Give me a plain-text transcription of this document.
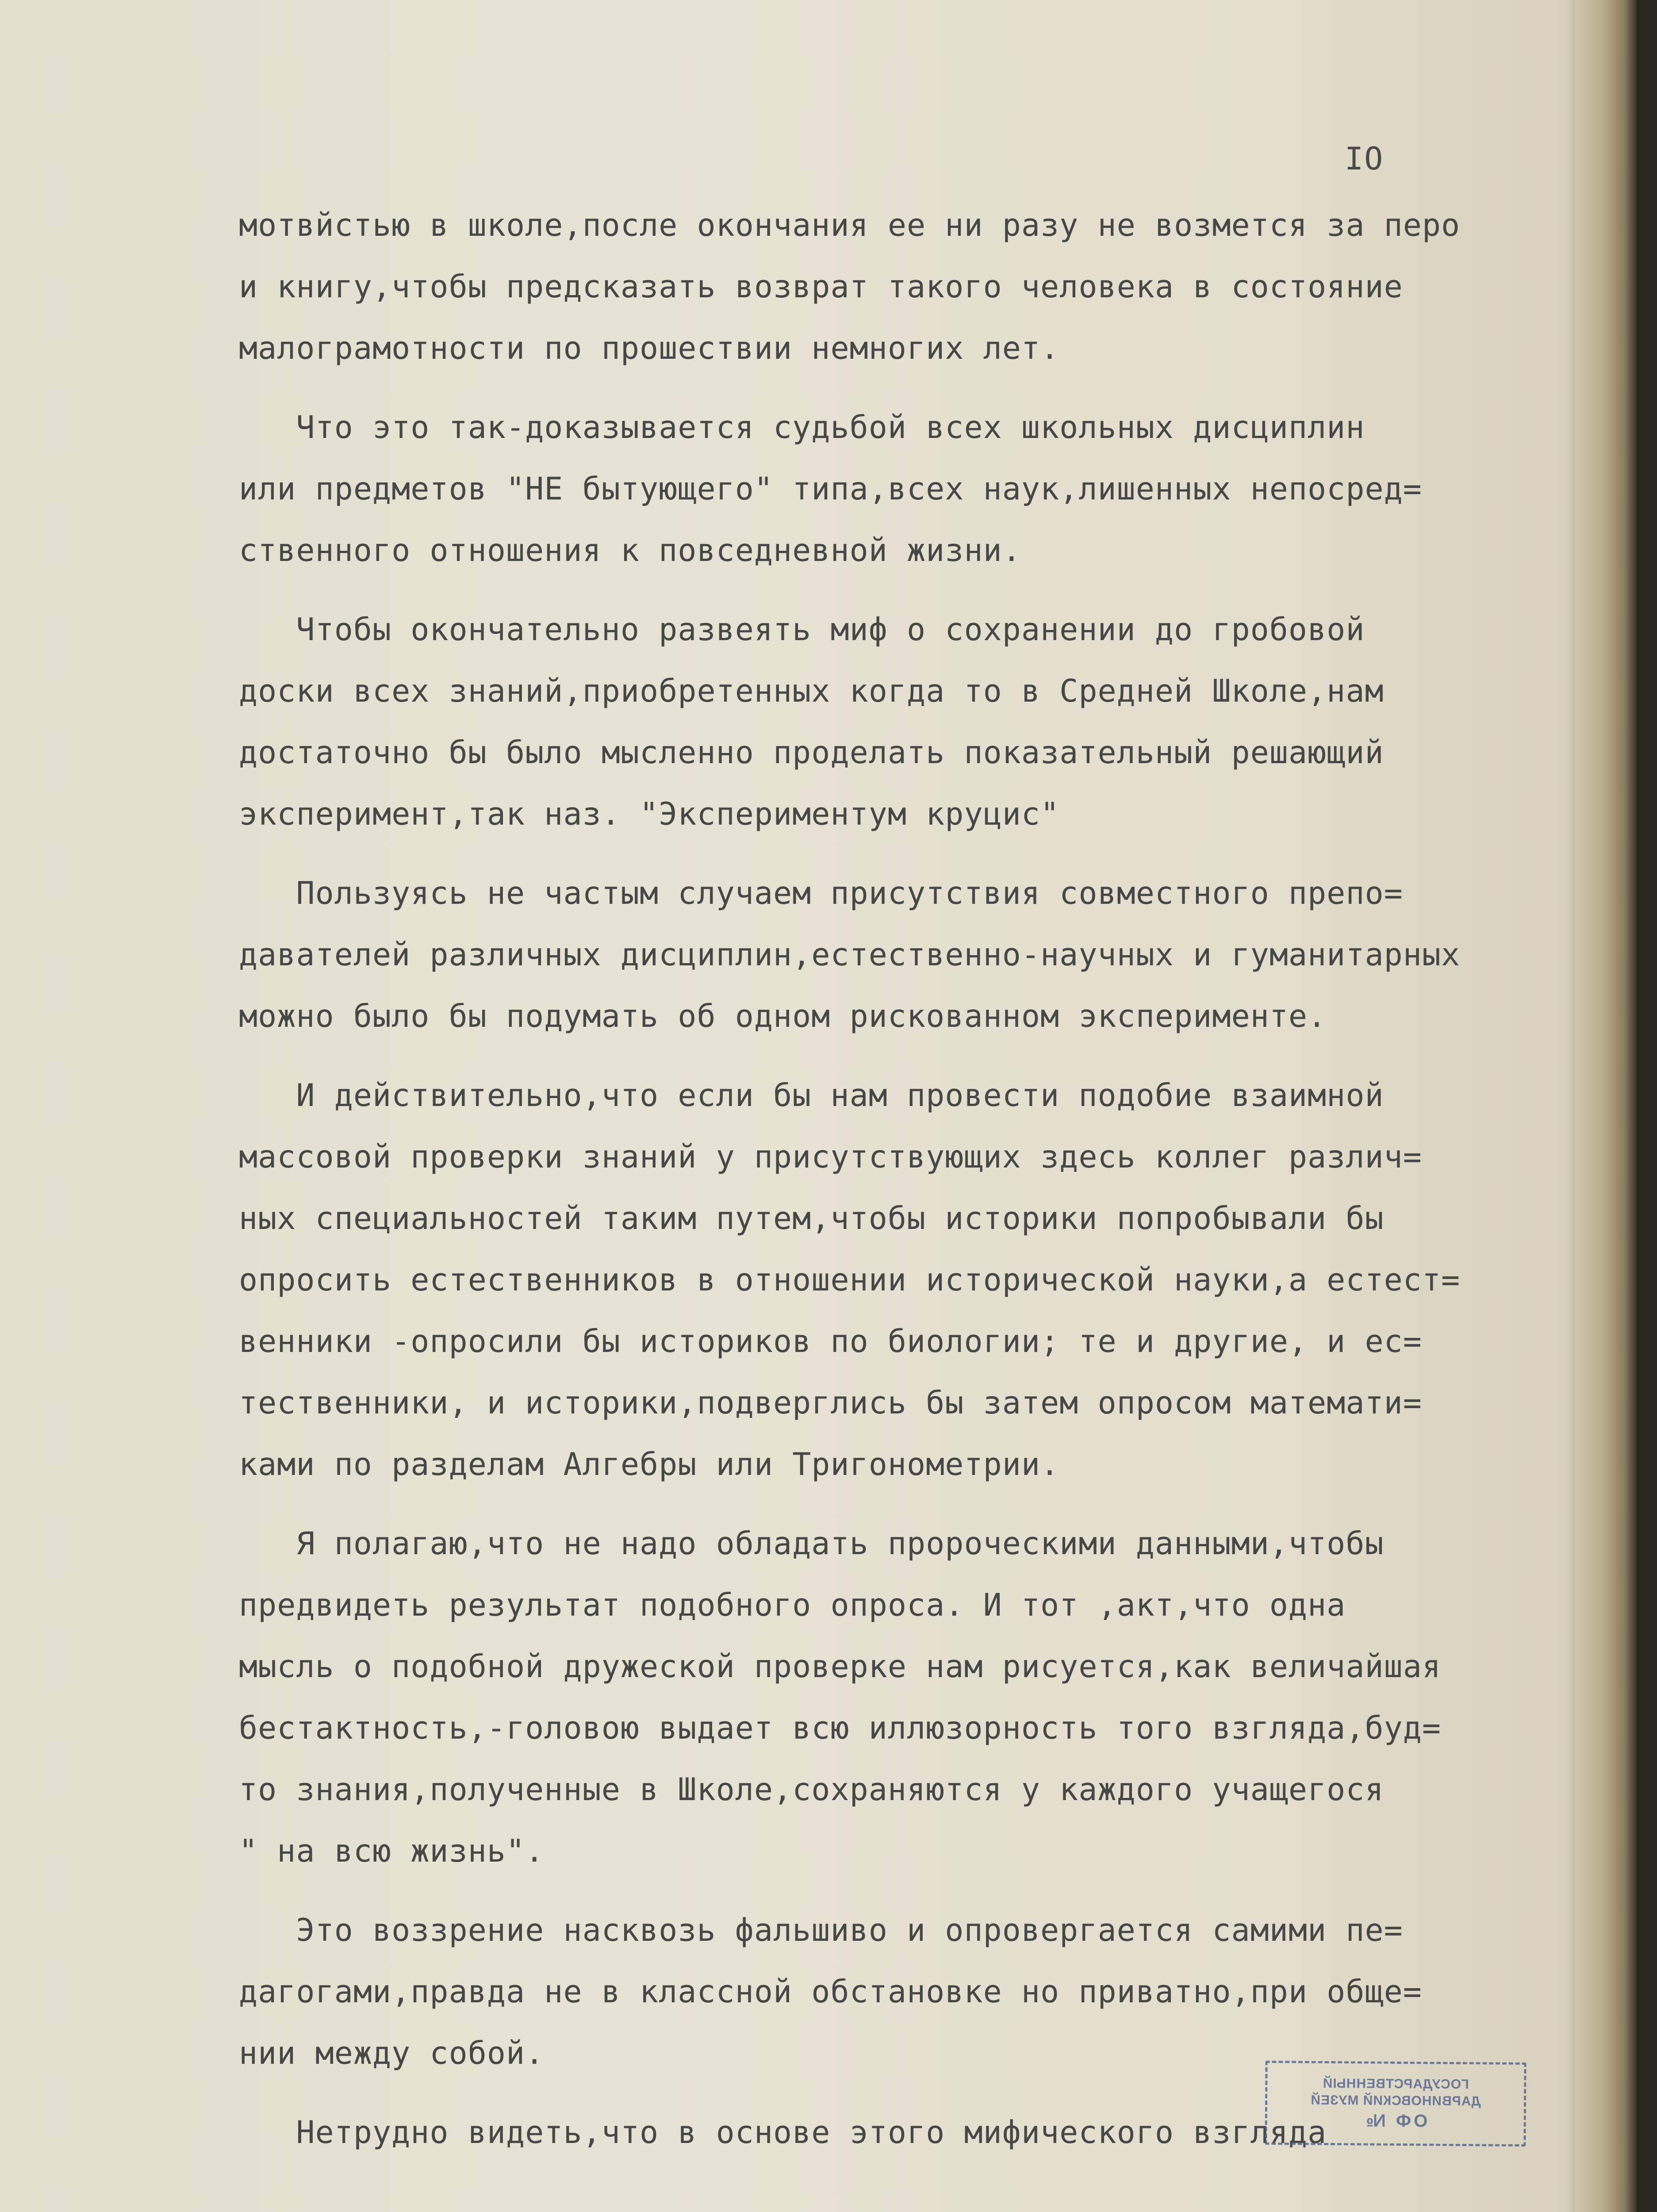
IO
мотвйстью в школе,после окончания ее ни разу не возмется за перо
и книгу,чтобы предсказать возврат такого человека в состояние
малограмотности по прошествии немногих лет.
Что это так-доказывается судьбой всех школьных дисциплин
или предметов "НЕ бытующего" типа,всех наук,лишенных непосред=
ственного отношения к повседневной жизни.
Чтобы окончательно развеять миф о сохранении до гробовой
доски всех знаний,приобретенных когда то в Средней Школе,нам
достаточно бы было мысленно проделать показательный решающий
эксперимент,так наз. "Экспериментум круцис"
Пользуясь не частым случаем присутствия совместного препо=
давателей различных дисциплин,естественно-научных и гуманитарных
можно было бы подумать об одном рискованном эксперименте.
И действительно,что если бы нам провести подобие взаимной
массовой проверки знаний у присутствующих здесь коллег различ=
ных специальностей таким путем,чтобы историки попробывали бы
опросить естественников в отношении исторической науки,а естест=
венники -опросили бы историков по биологии; те и другие, и ес=
тественники, и историки,подверглись бы затем опросом математи=
ками по разделам Алгебры или Тригонометрии.
Я полагаю,что не надо обладать пророческими данными,чтобы
предвидеть результат подобного опроса. И тот ,акт,что одна
мысль о подобной дружеской проверке нам рисуется,как величайшая
бестактность,-головою выдает всю иллюзорность того взгляда,буд=
то знания,полученные в Школе,сохраняются у каждого учащегося
" на всю жизнь".
Это воззрение насквозь фальшиво и опровергается самими пе=
дагогами,правда не в классной обстановке но приватно,при обще=
нии между собой.
Нетрудно видеть,что в основе этого мифического взгляда
ГОСУДАРСТВЕННЫЙ
ДАРВИНОВСКИЙ МУЗЕЙ
ОФ №
